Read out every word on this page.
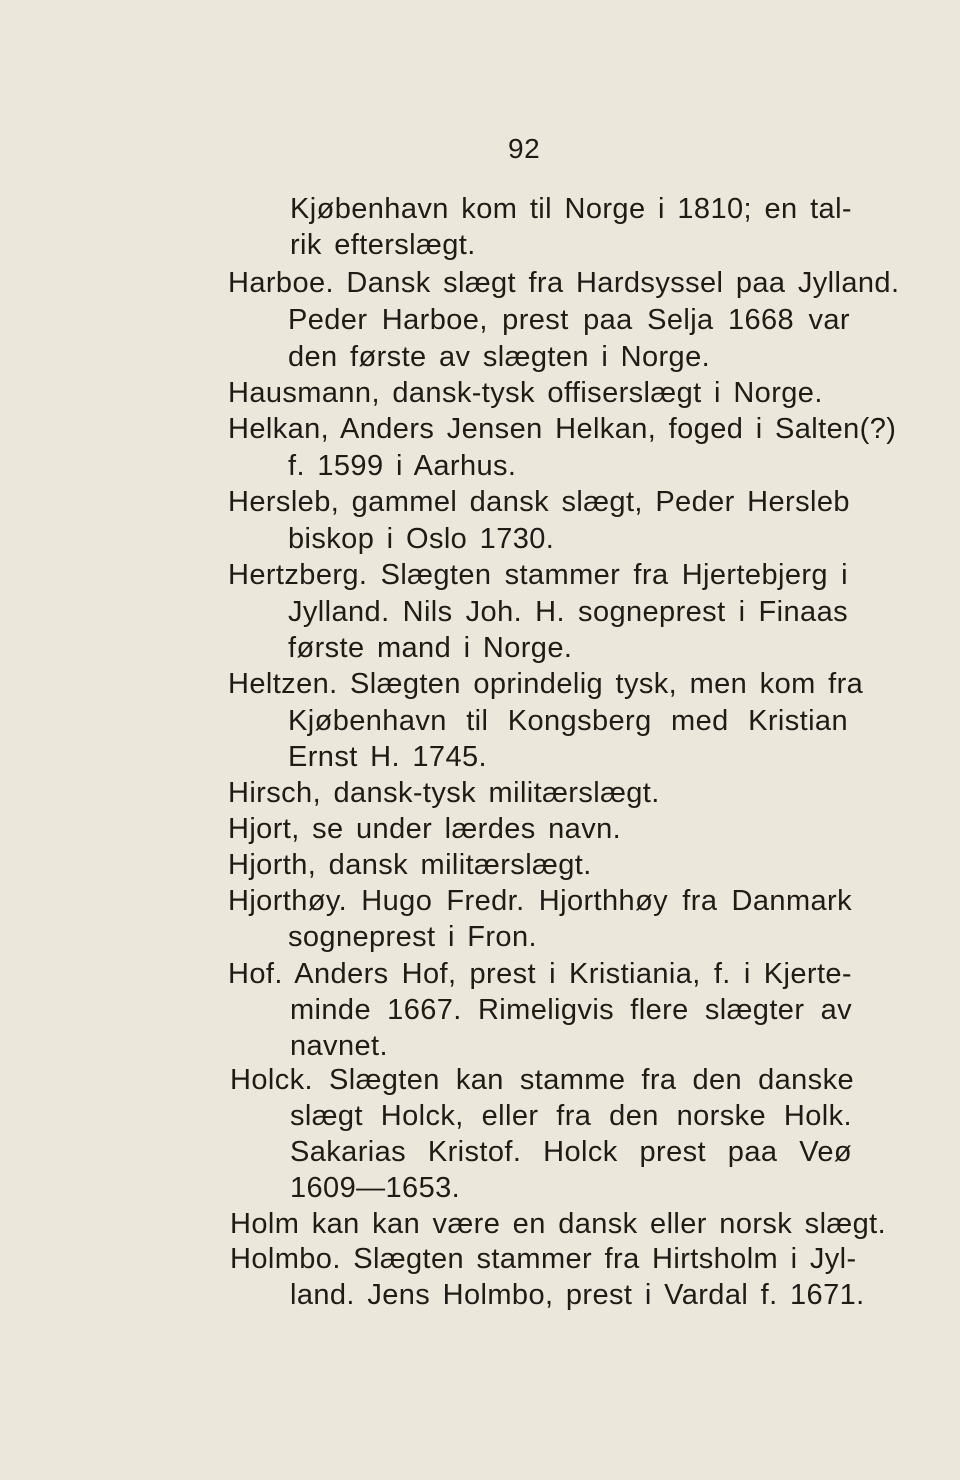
92
Kjøbenhavn kom til Norge i 1810; en tal-
rik efterslægt.
Harboe. Dansk slægt fra Hardsyssel paa Jylland.
Peder Harboe, prest paa Selja 1668 var
den første av slægten i Norge.
Hausmann, dansk-tysk offiserslægt i Norge.
Helkan, Anders Jensen Helkan, foged i Salten(?)
f. 1599 i Aarhus.
Hersleb, gammel dansk slægt, Peder Hersleb
biskop i Oslo 1730.
Hertzberg. Slægten stammer fra Hjertebjerg i
Jylland. Nils Joh. H. sogneprest i Finaas
første mand i Norge.
Heltzen. Slægten oprindelig tysk, men kom fra
Kjøbenhavn til Kongsberg med Kristian
Ernst H. 1745.
Hirsch, dansk-tysk militærslægt.
Hjort, se under lærdes navn.
Hjorth, dansk militærslægt.
Hjorthøy. Hugo Fredr. Hjorthhøy fra Danmark
sogneprest i Fron.
Hof. Anders Hof, prest i Kristiania, f. i Kjerte-
minde 1667. Rimeligvis flere slægter av
navnet.
Holck. Slægten kan stamme fra den danske
slægt Holck, eller fra den norske Holk.
Sakarias Kristof. Holck prest paa Veø
1609—1653.
Holm kan kan være en dansk eller norsk slægt.
Holmbo. Slægten stammer fra Hirtsholm i Jyl-
land. Jens Holmbo, prest i Vardal f. 1671.
